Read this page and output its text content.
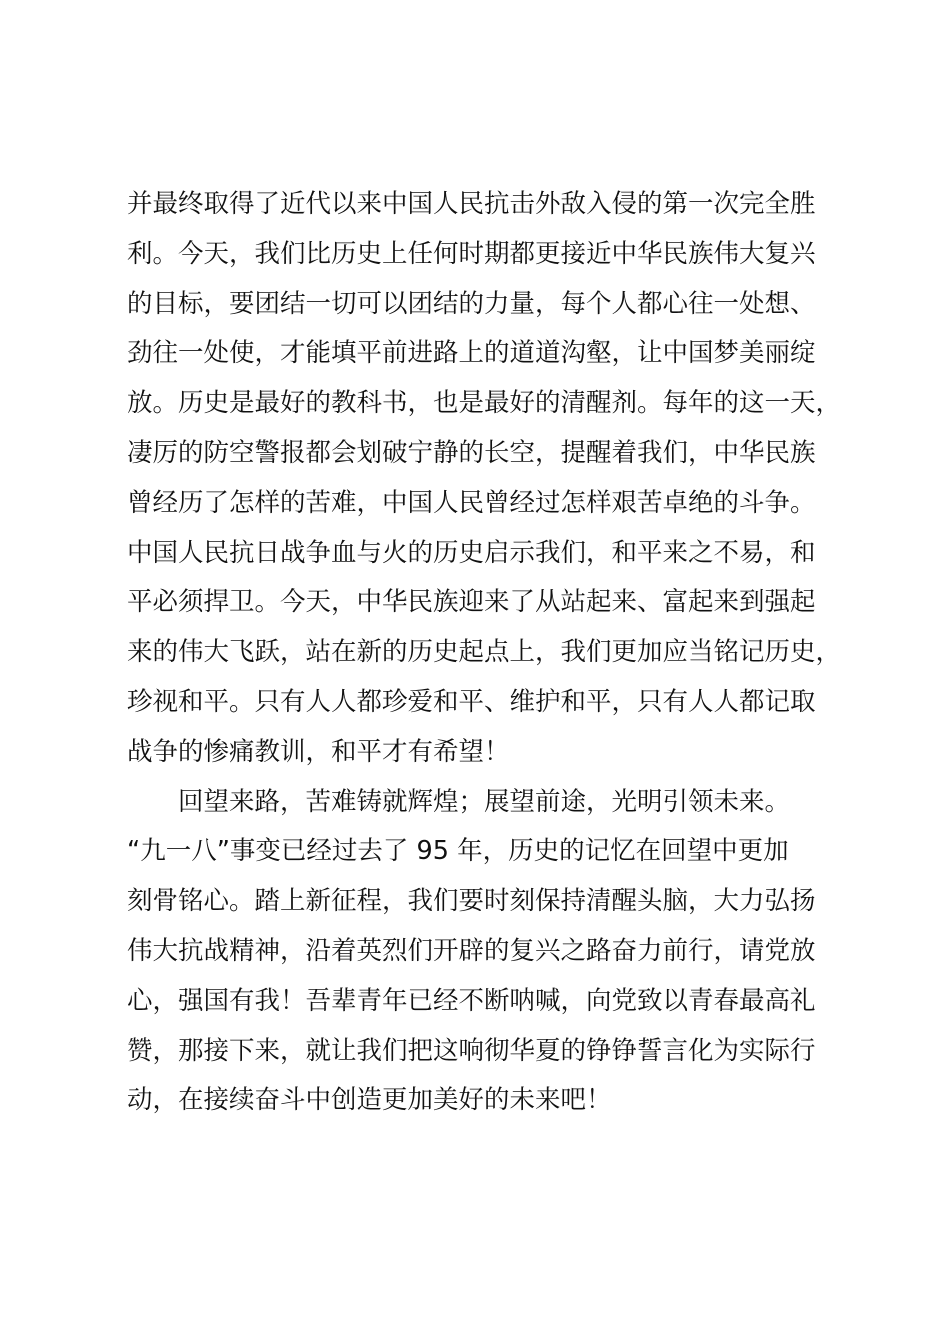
并最终取得了近代以来中国人民抗击外敌入侵的第一次完全胜
利。今天，我们比历史上任何时期都更接近中华民族伟大复兴
的目标，要团结一切可以团结的力量，每个人都心往一处想、
劲往一处使，才能填平前进路上的道道沟壑，让中国梦美丽绽
放。历史是最好的教科书，也是最好的清醒剂。每年的这一天，
凄厉的防空警报都会划破宁静的长空，提醒着我们，中华民族
曾经历了怎样的苦难，中国人民曾经过怎样艰苦卓绝的斗争。
中国人民抗日战争血与火的历史启示我们，和平来之不易，和
平必须捍卫。今天，中华民族迎来了从站起来、富起来到强起
来的伟大飞跃，站在新的历史起点上，我们更加应当铭记历史，
珍视和平。只有人人都珍爱和平、维护和平，只有人人都记取
战争的惨痛教训，和平才有希望！
　　回望来路，苦难铸就辉煌；展望前途，光明引领未来。
“九一八”事变已经过去了 95 年，历史的记忆在回望中更加
刻骨铭心。踏上新征程，我们要时刻保持清醒头脑，大力弘扬
伟大抗战精神，沿着英烈们开辟的复兴之路奋力前行，请党放
心，强国有我！吾辈青年已经不断呐喊，向党致以青春最高礼
赞，那接下来，就让我们把这响彻华夏的铮铮誓言化为实际行
动，在接续奋斗中创造更加美好的未来吧！
